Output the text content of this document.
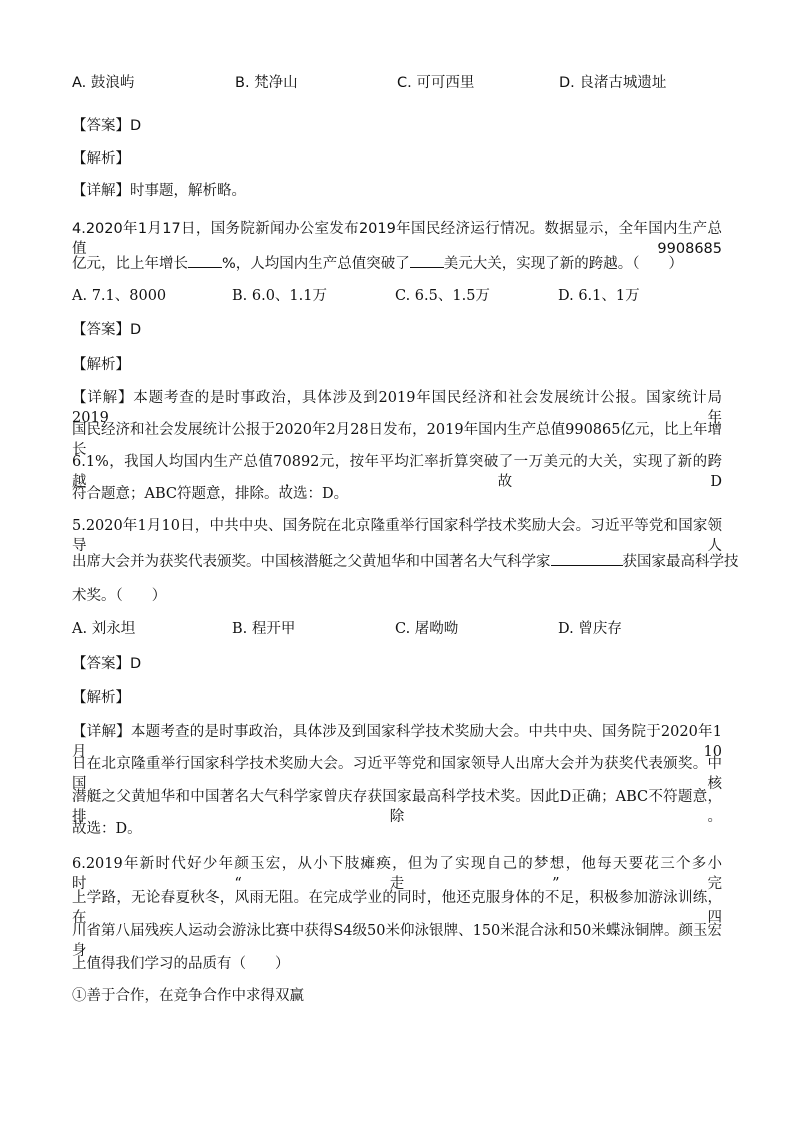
A. 鼓浪屿	B. 梵净山	C. 可可西里	D. 良渚古城遗址
【答案】D
【解析】
【详解】时事题，解析略。
4.2020年1月17日，国务院新闻办公室发布2019年国民经济运行情况。数据显示，全年国内生产总值9908685
亿元，比上年增长 %，人均国内生产总值突破了 美元大关，实现了新的跨越。（　　）
A. 7.1、8000	B. 6.0、1.1万	C. 6.5、1.5万	D. 6.1、1万
【答案】D
【解析】
【详解】本题考查的是时事政治，具体涉及到2019年国民经济和社会发展统计公报。国家统计局2019年
国民经济和社会发展统计公报于2020年2月28日发布，2019年国内生产总值990865亿元，比上年增长
6.1%，我国人均国内生产总值70892元，按年平均汇率折算突破了一万美元的大关，实现了新的跨越，故D
符合题意；ABC符题意，排除。故选：D。
5.2020年1月10日，中共中央、国务院在北京隆重举行国家科学技术奖励大会。习近平等党和国家领导人
出席大会并为获奖代表颁奖。中国核潜艇之父黄旭华和中国著名大气科学家	获国家最高科学技
术奖。（　　）
A. 刘永坦	B. 程开甲	C. 屠呦呦	D. 曾庆存
【答案】D
【解析】
【详解】本题考查的是时事政治，具体涉及到国家科学技术奖励大会。中共中央、国务院于2020年1月10
日在北京隆重举行国家科学技术奖励大会。习近平等党和国家领导人出席大会并为获奖代表颁奖。中国核
潜艇之父黄旭华和中国著名大气科学家曾庆存获国家最高科学技术奖。因此D正确；ABC不符题意，排除。
故选：D。
6.2019年新时代好少年颜玉宏，从小下肢瘫痪，但为了实现自己的梦想，他每天要花三个多小时“走”完
上学路，无论春夏秋冬，风雨无阻。在完成学业的同时，他还克服身体的不足，积极参加游泳训练，在四
川省第八届残疾人运动会游泳比赛中获得S4级50米仰泳银牌、150米混合泳和50米蝶泳铜牌。颜玉宏身
上值得我们学习的品质有（　　）
①善于合作，在竞争合作中求得双赢
